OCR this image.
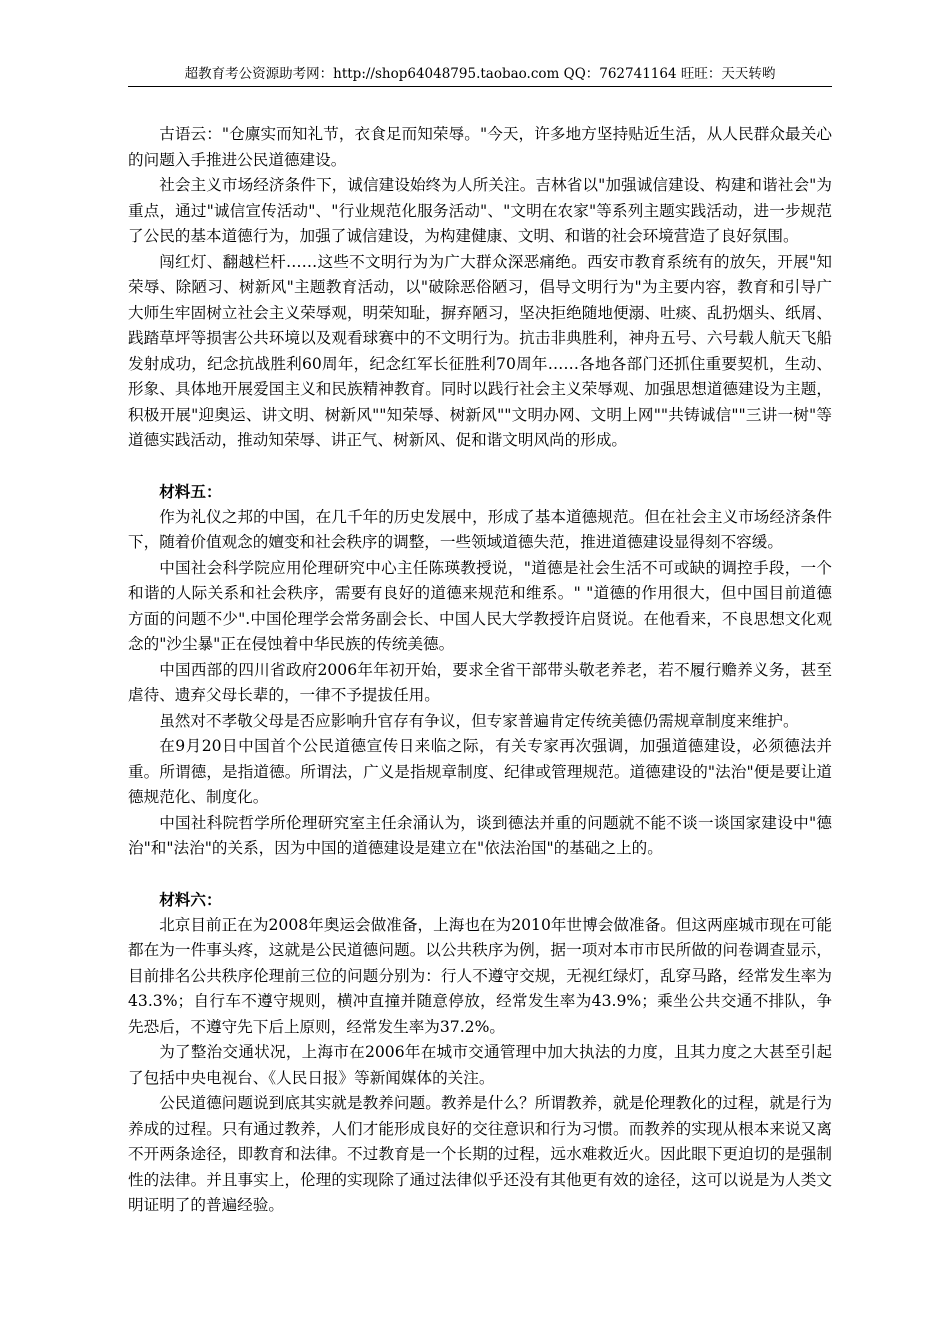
超教育考公资源助考网：http://shop64048795.taobao.com QQ：762741164 旺旺：天天转哟

古语云："仓廪实而知礼节，衣食足而知荣辱。"今天，许多地方坚持贴近生活，从人民群众最关心的问题入手推进公民道德建设。

社会主义市场经济条件下，诚信建设始终为人所关注。吉林省以"加强诚信建设、构建和谐社会"为重点，通过"诚信宣传活动"、"行业规范化服务活动"、"文明在农家"等系列主题实践活动，进一步规范了公民的基本道德行为，加强了诚信建设，为构建健康、文明、和谐的社会环境营造了良好氛围。

闯红灯、翻越栏杆……这些不文明行为为广大群众深恶痛绝。西安市教育系统有的放矢，开展"知荣辱、除陋习、树新风"主题教育活动，以"破除恶俗陋习，倡导文明行为"为主要内容，教育和引导广大师生牢固树立社会主义荣辱观，明荣知耻，摒弃陋习，坚决拒绝随地便溺、吐痰、乱扔烟头、纸屑、践踏草坪等损害公共环境以及观看球赛中的不文明行为。抗击非典胜利，神舟五号、六号载人航天飞船发射成功，纪念抗战胜利60周年，纪念红军长征胜利70周年……各地各部门还抓住重要契机，生动、形象、具体地开展爱国主义和民族精神教育。同时以践行社会主义荣辱观、加强思想道德建设为主题，积极开展"迎奥运、讲文明、树新风""知荣辱、树新风""文明办网、文明上网""共铸诚信""三讲一树"等道德实践活动，推动知荣辱、讲正气、树新风、促和谐文明风尚的形成。

材料五：

作为礼仪之邦的中国，在几千年的历史发展中，形成了基本道德规范。但在社会主义市场经济条件下，随着价值观念的嬗变和社会秩序的调整，一些领域道德失范，推进道德建设显得刻不容缓。

中国社会科学院应用伦理研究中心主任陈瑛教授说，"道德是社会生活不可或缺的调控手段，一个和谐的人际关系和社会秩序，需要有良好的道德来规范和维系。" "道德的作用很大，但中国目前道德方面的问题不少".中国伦理学会常务副会长、中国人民大学教授许启贤说。在他看来，不良思想文化观念的"沙尘暴"正在侵蚀着中华民族的传统美德。

中国西部的四川省政府2006年年初开始，要求全省干部带头敬老养老，若不履行赡养义务，甚至虐待、遗弃父母长辈的，一律不予提拔任用。

虽然对不孝敬父母是否应影响升官存有争议，但专家普遍肯定传统美德仍需规章制度来维护。

在9月20日中国首个公民道德宣传日来临之际，有关专家再次强调，加强道德建设，必须德法并重。所谓德，是指道德。所谓法，广义是指规章制度、纪律或管理规范。道德建设的"法治"便是要让道德规范化、制度化。

中国社科院哲学所伦理研究室主任余涌认为，谈到德法并重的问题就不能不谈一谈国家建设中"德治"和"法治"的关系，因为中国的道德建设是建立在"依法治国"的基础之上的。

材料六：

北京目前正在为2008年奥运会做准备，上海也在为2010年世博会做准备。但这两座城市现在可能都在为一件事头疼，这就是公民道德问题。以公共秩序为例，据一项对本市市民所做的问卷调查显示，目前排名公共秩序伦理前三位的问题分别为：行人不遵守交规，无视红绿灯，乱穿马路，经常发生率为43.3%；自行车不遵守规则，横冲直撞并随意停放，经常发生率为43.9%；乘坐公共交通不排队，争先恐后，不遵守先下后上原则，经常发生率为37.2%。

为了整治交通状况，上海市在2006年在城市交通管理中加大执法的力度，且其力度之大甚至引起了包括中央电视台、《人民日报》等新闻媒体的关注。

公民道德问题说到底其实就是教养问题。教养是什么？所谓教养，就是伦理教化的过程，就是行为养成的过程。只有通过教养，人们才能形成良好的交往意识和行为习惯。而教养的实现从根本来说又离不开两条途径，即教育和法律。不过教育是一个长期的过程，远水难救近火。因此眼下更迫切的是强制性的法律。并且事实上，伦理的实现除了通过法律似乎还没有其他更有效的途径，这可以说是为人类文明证明了的普遍经验。
